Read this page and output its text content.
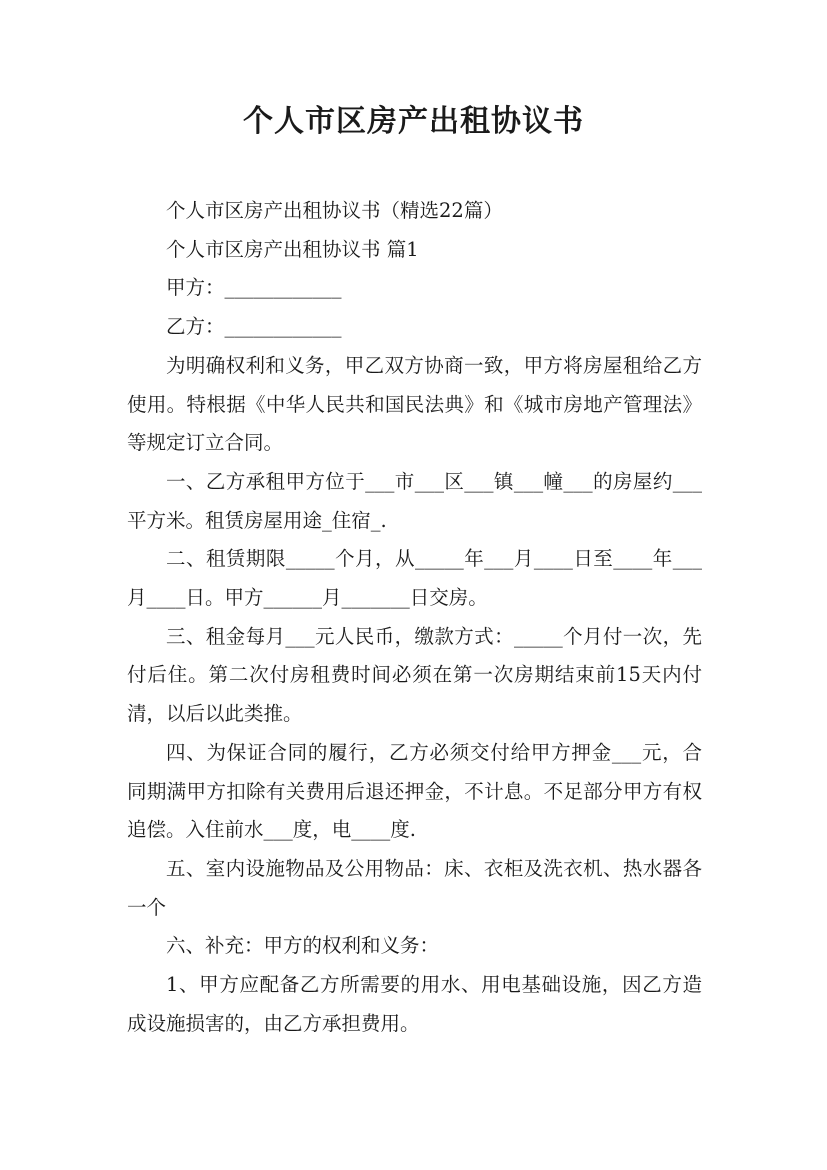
个人市区房产出租协议书

个人市区房产出租协议书（精选22篇）

个人市区房产出租协议书 篇1

甲方：____________

乙方：____________

为明确权利和义务，甲乙双方协商一致，甲方将房屋租给乙方使用。特根据《中华人民共和国民法典》和《城市房地产管理法》等规定订立合同。

一、乙方承租甲方位于___市___区___镇___幢___的房屋约___平方米。租赁房屋用途_住宿_.

二、租赁期限_____个月，从_____年___月____日至____年___月____日。甲方______月_______日交房。

三、租金每月___元人民币，缴款方式：_____个月付一次，先付后住。第二次付房租费时间必须在第一次房期结束前15天内付清，以后以此类推。

四、为保证合同的履行，乙方必须交付给甲方押金___元，合同期满甲方扣除有关费用后退还押金，不计息。不足部分甲方有权追偿。入住前水___度，电____度.

五、室内设施物品及公用物品：床、衣柜及洗衣机、热水器各一个

六、补充：甲方的权利和义务：

1、甲方应配备乙方所需要的用水、用电基础设施，因乙方造成设施损害的，由乙方承担费用。
